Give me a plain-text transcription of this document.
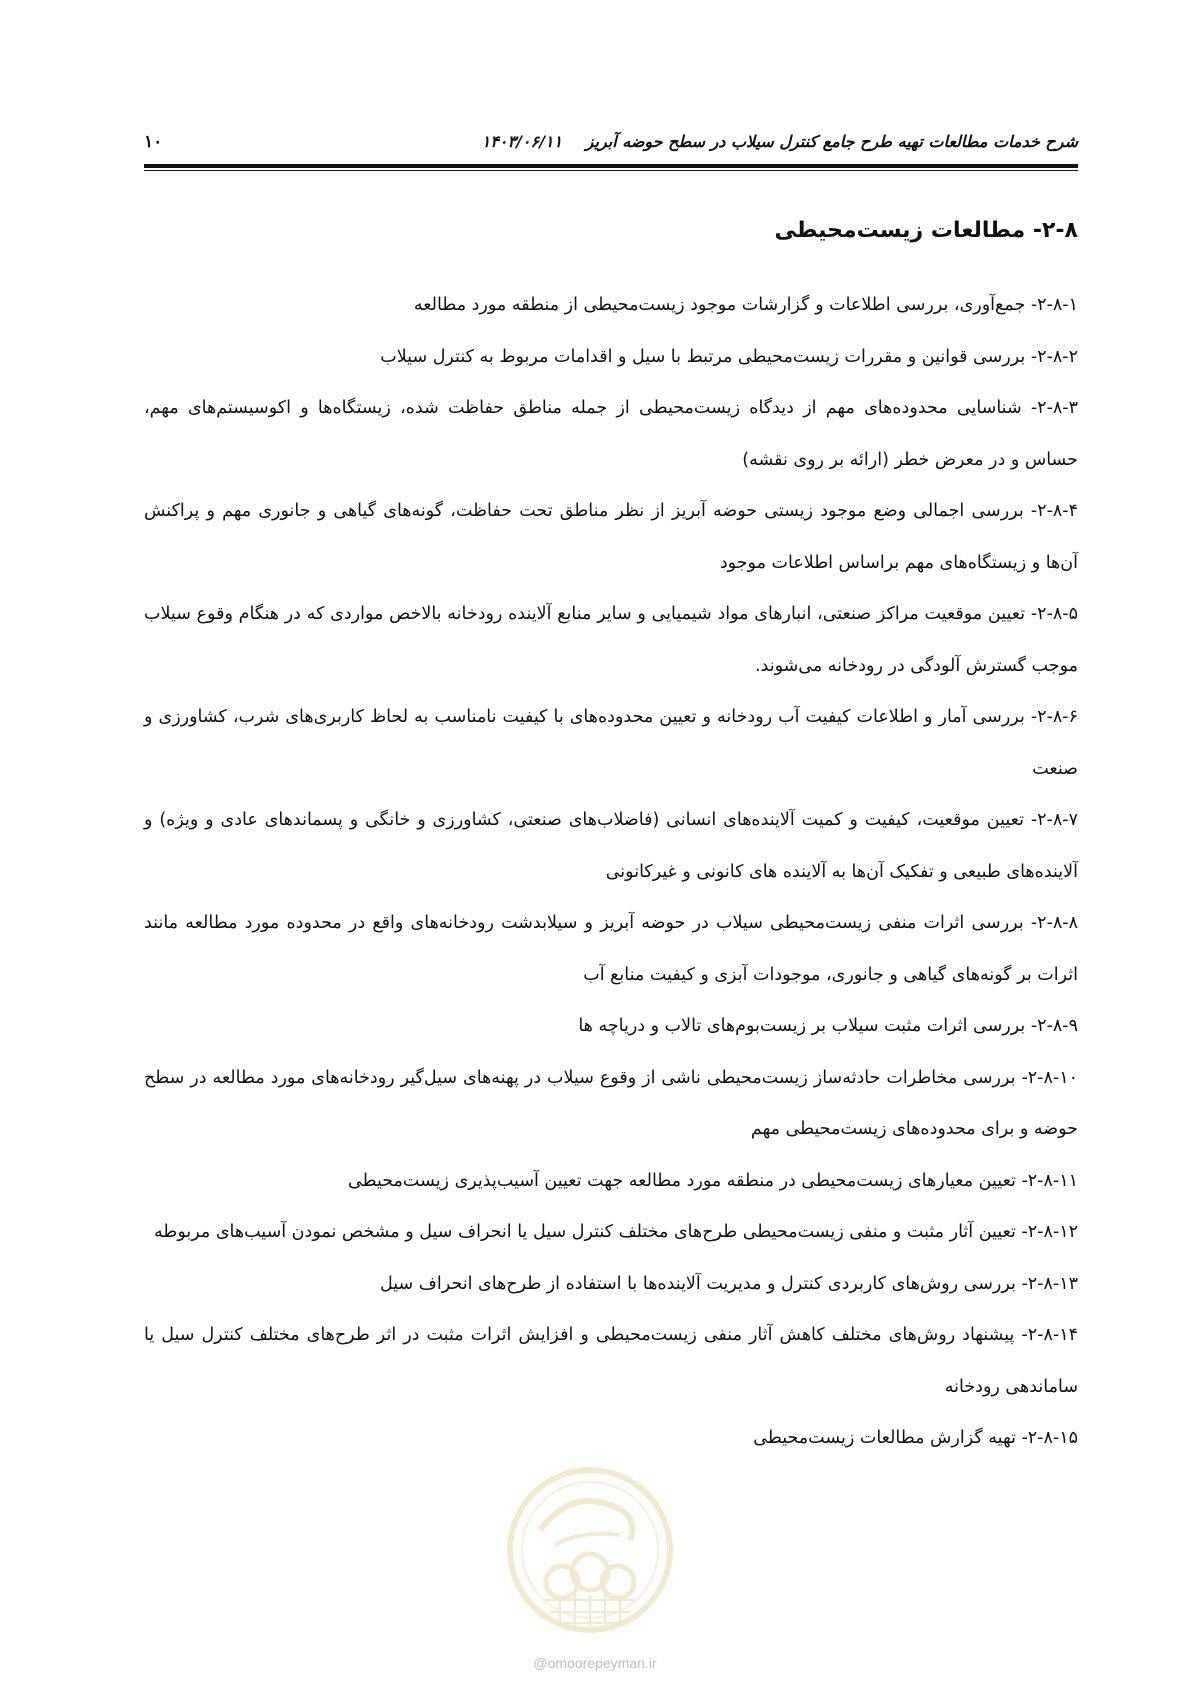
شرح خدمات مطالعات تهیه طرح جامع کنترل سیلاب در سطح حوضه آبریز ۱۴۰۳/۰۶/۱۱
۱۰
۲-۸- مطالعات زیست‌محیطی

۲-۸-۱- جمع‌آوری، بررسی اطلاعات و گزارشات موجود زیست‌محیطی از منطقه مورد مطالعه

۲-۸-۲- بررسی قوانین و مقررات زیست‌محیطی مرتبط با سیل و اقدامات مربوط به کنترل سیلاب

۲-۸-۳- شناسایی محدوده‌های مهم از دیدگاه زیست‌محیطی از جمله مناطق حفاظت شده، زیستگاه‌ها و اکوسیستم‌های مهم، حساس و در معرض خطر (ارائه بر روی نقشه)

۲-۸-۴- بررسی اجمالی وضع موجود زیستی حوضه آبریز از نظر مناطق تحت حفاظت، گونه‌های گیاهی و جانوری مهم و پراکنش آن‌ها و زیستگاه‌های مهم براساس اطلاعات موجود

۲-۸-۵- تعیین موقعیت مراکز صنعتی، انبارهای مواد شیمیایی و سایر منابع آلاینده رودخانه بالاخص مواردی که در هنگام وقوع سیلاب موجب گسترش آلودگی در رودخانه می‌شوند.

۲-۸-۶- بررسی آمار و اطلاعات کیفیت آب رودخانه و تعیین محدوده‌های با کیفیت نامناسب به لحاظ کاربری‌های شرب، کشاورزی و صنعت

۲-۸-۷- تعیین موقعیت، کیفیت و کمیت آلاینده‌های انسانی (فاضلاب‌های صنعتی، کشاورزی و خانگی و پسماندهای عادی و ویژه) و آلاینده‌های طبیعی و تفکیک آن‌ها به آلاینده های کانونی و غیرکانونی

۲-۸-۸- بررسی اثرات منفی زیست‌محیطی سیلاب در حوضه آبریز و سیلابدشت رودخانه‌های واقع در محدوده مورد مطالعه مانند اثرات بر گونه‌های گیاهی و جانوری، موجودات آبزی و کیفیت منابع آب

۲-۸-۹- بررسی اثرات مثبت سیلاب بر زیست‌بوم‌های تالاب و دریاچه ها

۲-۸-۱۰- بررسی مخاطرات حادثه‌ساز زیست‌محیطی ناشی از وقوع سیلاب در پهنه‌های سیل‌گیر رودخانه‌های مورد مطالعه در سطح حوضه و برای محدوده‌های زیست‌محیطی مهم

۲-۸-۱۱- تعیین معیارهای زیست‌محیطی در منطقه مورد مطالعه جهت تعیین آسیب‌پذیری زیست‌محیطی

۲-۸-۱۲- تعیین آثار مثبت و منفی زیست‌محیطی طرح‌های مختلف کنترل سیل یا انحراف سیل و مشخص نمودن آسیب‌های مربوطه

۲-۸-۱۳- بررسی روش‌های کاربردی کنترل و مدیریت آلاینده‌ها با استفاده از طرح‌های انحراف سیل

۲-۸-۱۴- پیشنهاد روش‌های مختلف کاهش آثار منفی زیست‌محیطی و افزایش اثرات مثبت در اثر طرح‌های مختلف کنترل سیل یا ساماندهی رودخانه

۲-۸-۱۵- تهیه گزارش مطالعات زیست‌محیطی

@omoorepeyman.ir
